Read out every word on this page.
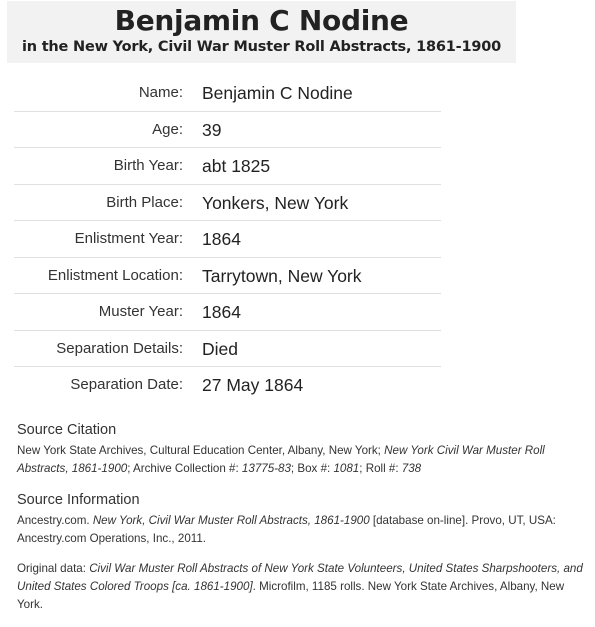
Benjamin C Nodine
in the New York, Civil War Muster Roll Abstracts, 1861-1900
Name: Benjamin C Nodine
Age: 39
Birth Year: abt 1825
Birth Place: Yonkers, New York
Enlistment Year: 1864
Enlistment Location: Tarrytown, New York
Muster Year: 1864
Separation Details: Died
Separation Date: 27 May 1864

Source Citation

New York State Archives, Cultural Education Center, Albany, New York; New York Civil War Muster Roll Abstracts, 1861-1900; Archive Collection #: 13775-83; Box #: 1081; Roll #: 738

Source Information

Ancestry.com. New York, Civil War Muster Roll Abstracts, 1861-1900 [database on-line]. Provo, UT, USA: Ancestry.com Operations, Inc., 2011.

Original data: Civil War Muster Roll Abstracts of New York State Volunteers, United States Sharpshooters, and United States Colored Troops [ca. 1861-1900]. Microfilm, 1185 rolls. New York State Archives, Albany, New York.
